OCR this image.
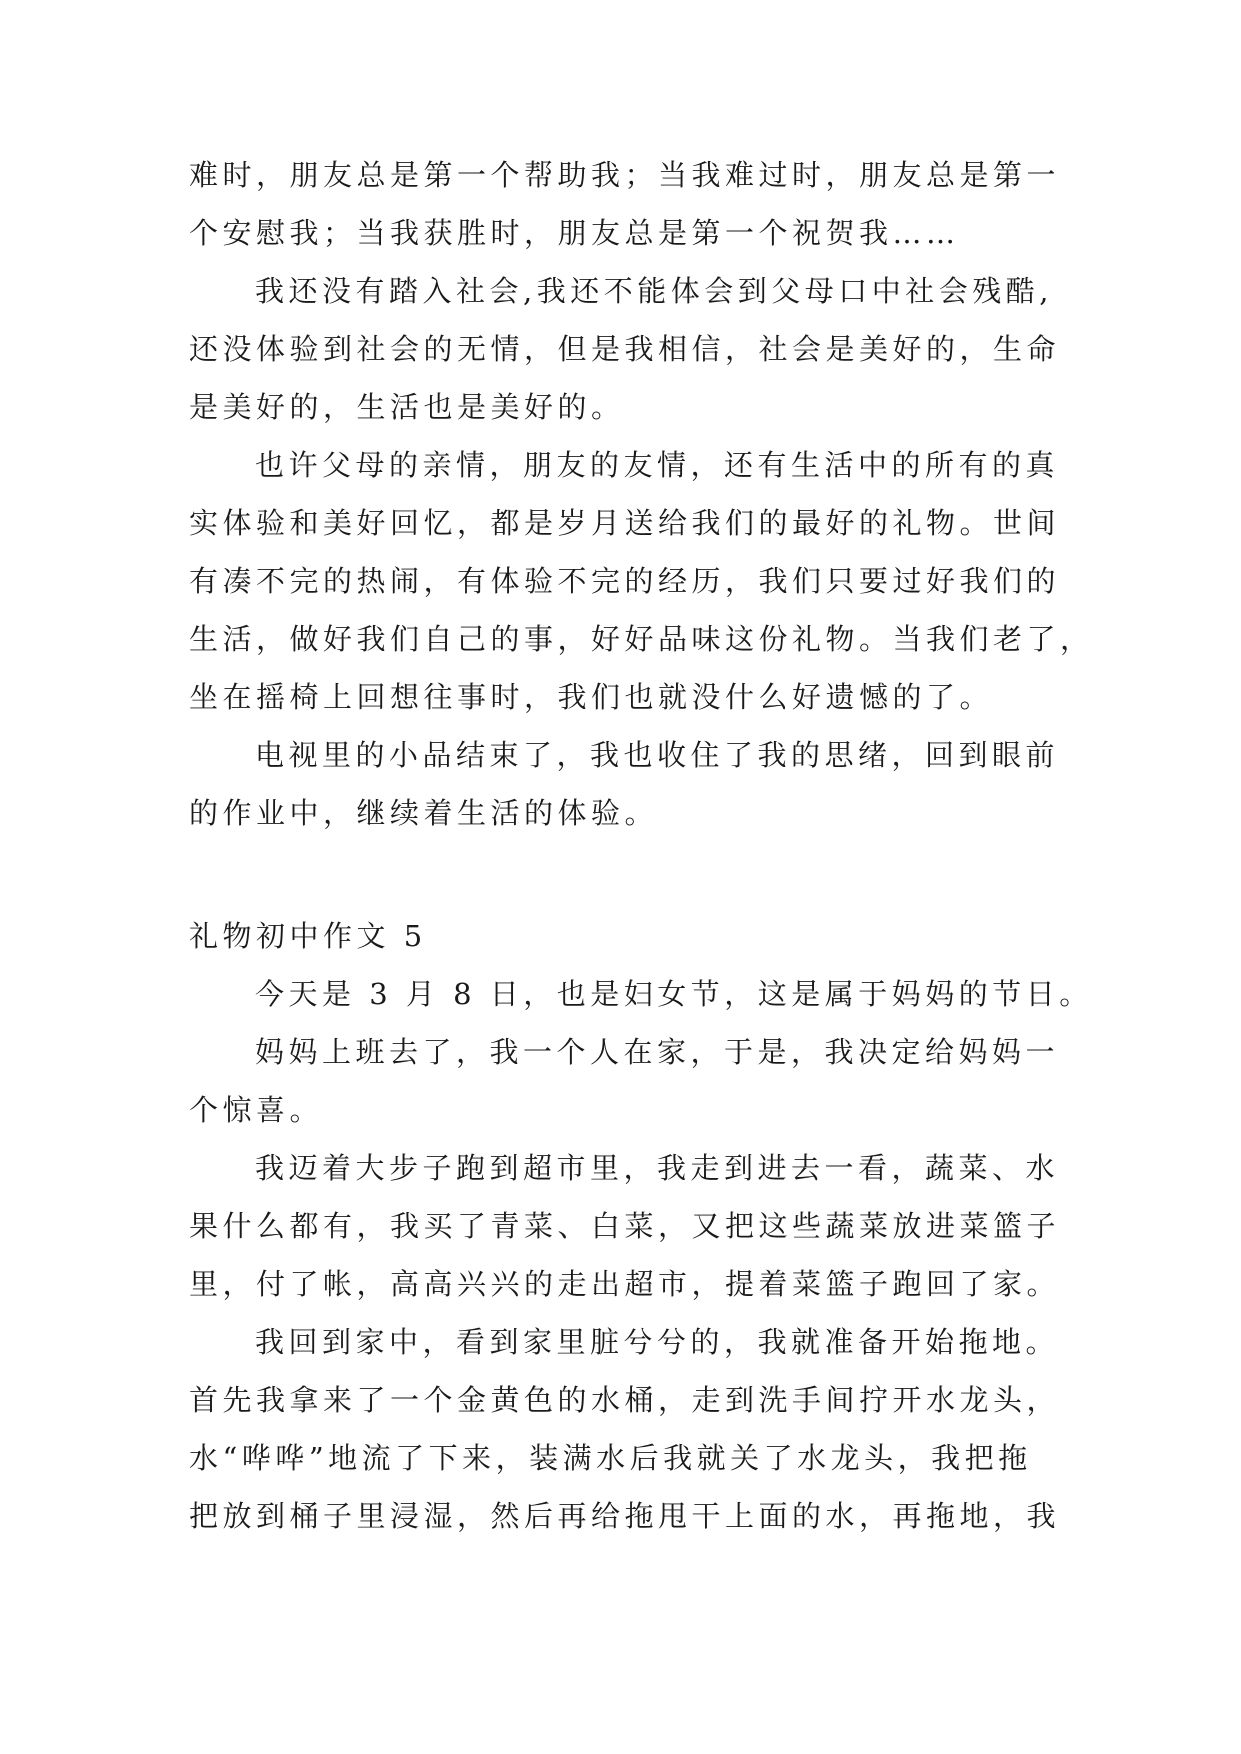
难时，朋友总是第一个帮助我；当我难过时，朋友总是第一
个安慰我；当我获胜时，朋友总是第一个祝贺我……
我还没有踏入社会,我还不能体会到父母口中社会残酷,
还没体验到社会的无情，但是我相信，社会是美好的，生命
是美好的，生活也是美好的。
也许父母的亲情，朋友的友情，还有生活中的所有的真
实体验和美好回忆，都是岁月送给我们的最好的礼物。世间
有凑不完的热闹，有体验不完的经历，我们只要过好我们的
生活，做好我们自己的事，好好品味这份礼物。当我们老了，
坐在摇椅上回想往事时，我们也就没什么好遗憾的了。
电视里的小品结束了，我也收住了我的思绪，回到眼前
的作业中，继续着生活的体验。
礼物初中作文 5
今天是 3 月 8 日，也是妇女节，这是属于妈妈的节日。
妈妈上班去了，我一个人在家，于是，我决定给妈妈一
个惊喜。
我迈着大步子跑到超市里，我走到进去一看，蔬菜、水
果什么都有，我买了青菜、白菜，又把这些蔬菜放进菜篮子
里，付了帐，高高兴兴的走出超市，提着菜篮子跑回了家。
我回到家中，看到家里脏兮兮的，我就准备开始拖地。
首先我拿来了一个金黄色的水桶，走到洗手间拧开水龙头，
水“哗哗”地流了下来，装满水后我就关了水龙头，我把拖
把放到桶子里浸湿，然后再给拖甩干上面的水，再拖地，我
